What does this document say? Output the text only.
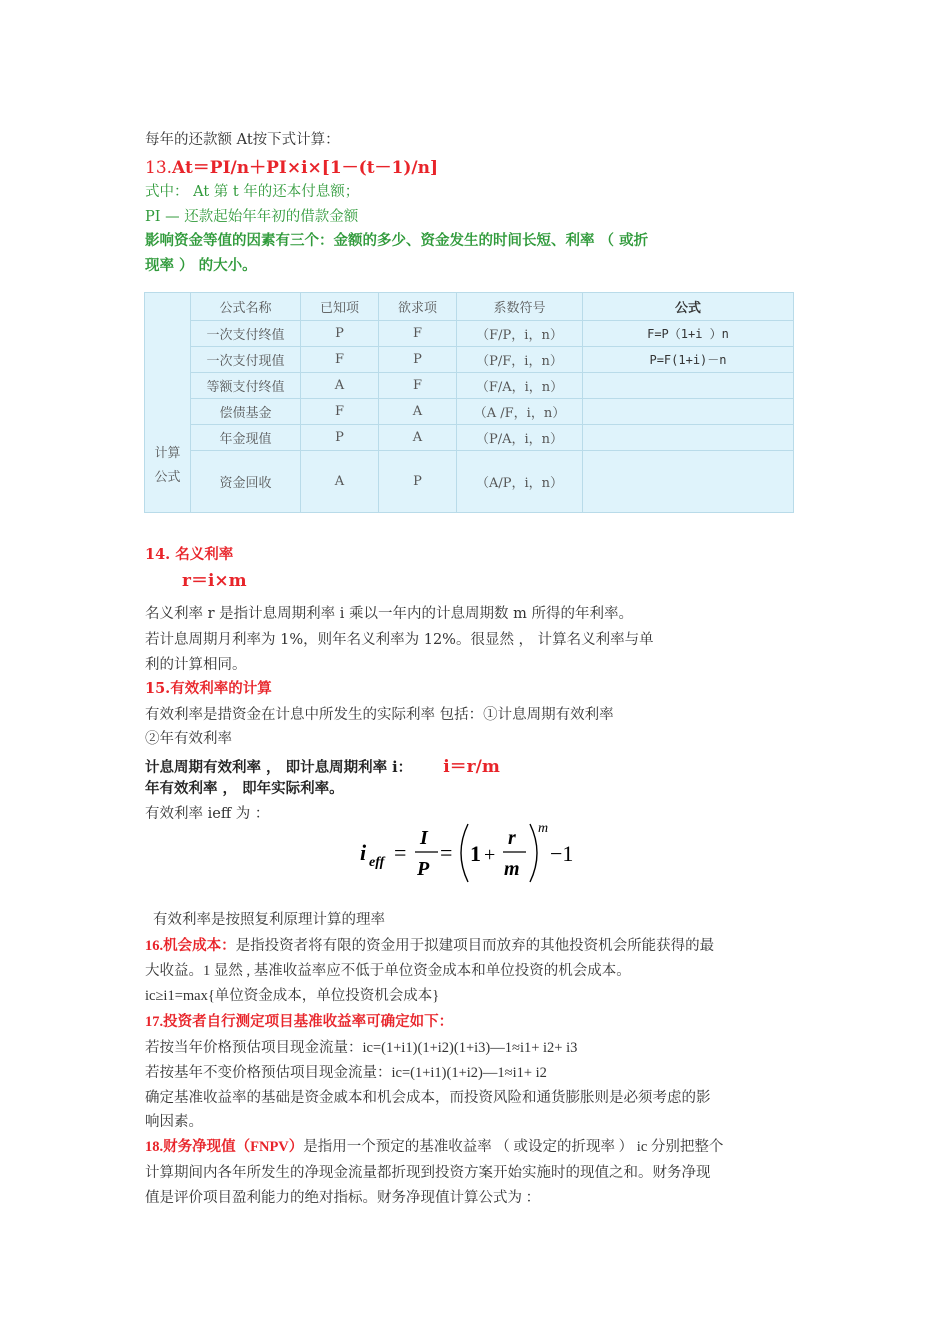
每年的还款额 At按下式计算：
13.At＝PI/n＋PI×i×[1－(t－1)/n]
式中： At 第 t 年的还本付息额；
PI — 还款起始年年初的借款金额
影响资金等值的因素有三个：金额的多少、资金发生的时间长短、利率 （ 或折
现率 ） 的大小。
计算
公式	公式名称	已知项	欲求项	系数符号	公式
	一次支付终值	P	F	（F/P，i，n）	F=P（1+i ）n
	一次支付现值	F	P	（P/F，i，n）	P=F(1+i)－n
	等额支付终值	A	F	（F/A，i，n）	
	偿债基金	F	A	（A /F，i，n）	
	年金现值	P	A	（P/A，i，n）	
	资金回收	A	P	（A/P，i，n）	
14. 名义利率
r＝i×m
名义利率 r 是指计息周期利率 i 乘以一年内的计息周期数 m 所得的年利率。
若计息周期月利率为 1%，则年名义利率为 12%。很显然 ， 计算名义利率与单
利的计算相同。
15.有效利率的计算
有效利率是措资金在计息中所发生的实际利率 包括：①计息周期有效利率
②年有效利率
计息周期有效利率 ， 即计息周期利率 i： i＝r/m
年有效利率 ， 即年实际利率。
有效利率 ieff 为 ：
i eff =
I
P
= 1 +
r
m
m
−1
有效利率是按照复利原理计算的理率
16.机会成本：是指投资者将有限的资金用于拟建项目而放弃的其他投资机会所能获得的最
大收益。1 显然 , 基准收益率应不低于单位资金成本和单位投资的机会成本。
ic≥i1=max{单位资金成本，单位投资机会成本}
17.投资者自行测定项目基准收益率可确定如下：
若按当年价格预估项目现金流量：ic=(1+i1)(1+i2)(1+i3)—1≈i1+ i2+ i3
若按基年不变价格预估项目现金流量：ic=(1+i1)(1+i2)—1≈i1+ i2
确定基准收益率的基础是资金戚本和机会成本，而投资风险和通货膨胀则是必须考虑的影
响因素。
18.财务净现值（FNPV）是指用一个预定的基准收益率 （ 或设定的折现率 ） ic 分别把整个
计算期间内各年所发生的净现金流量都折现到投资方案开始实施时的现值之和。财务净现
值是评价项目盈利能力的绝对指标。财务净现值计算公式为 ：
